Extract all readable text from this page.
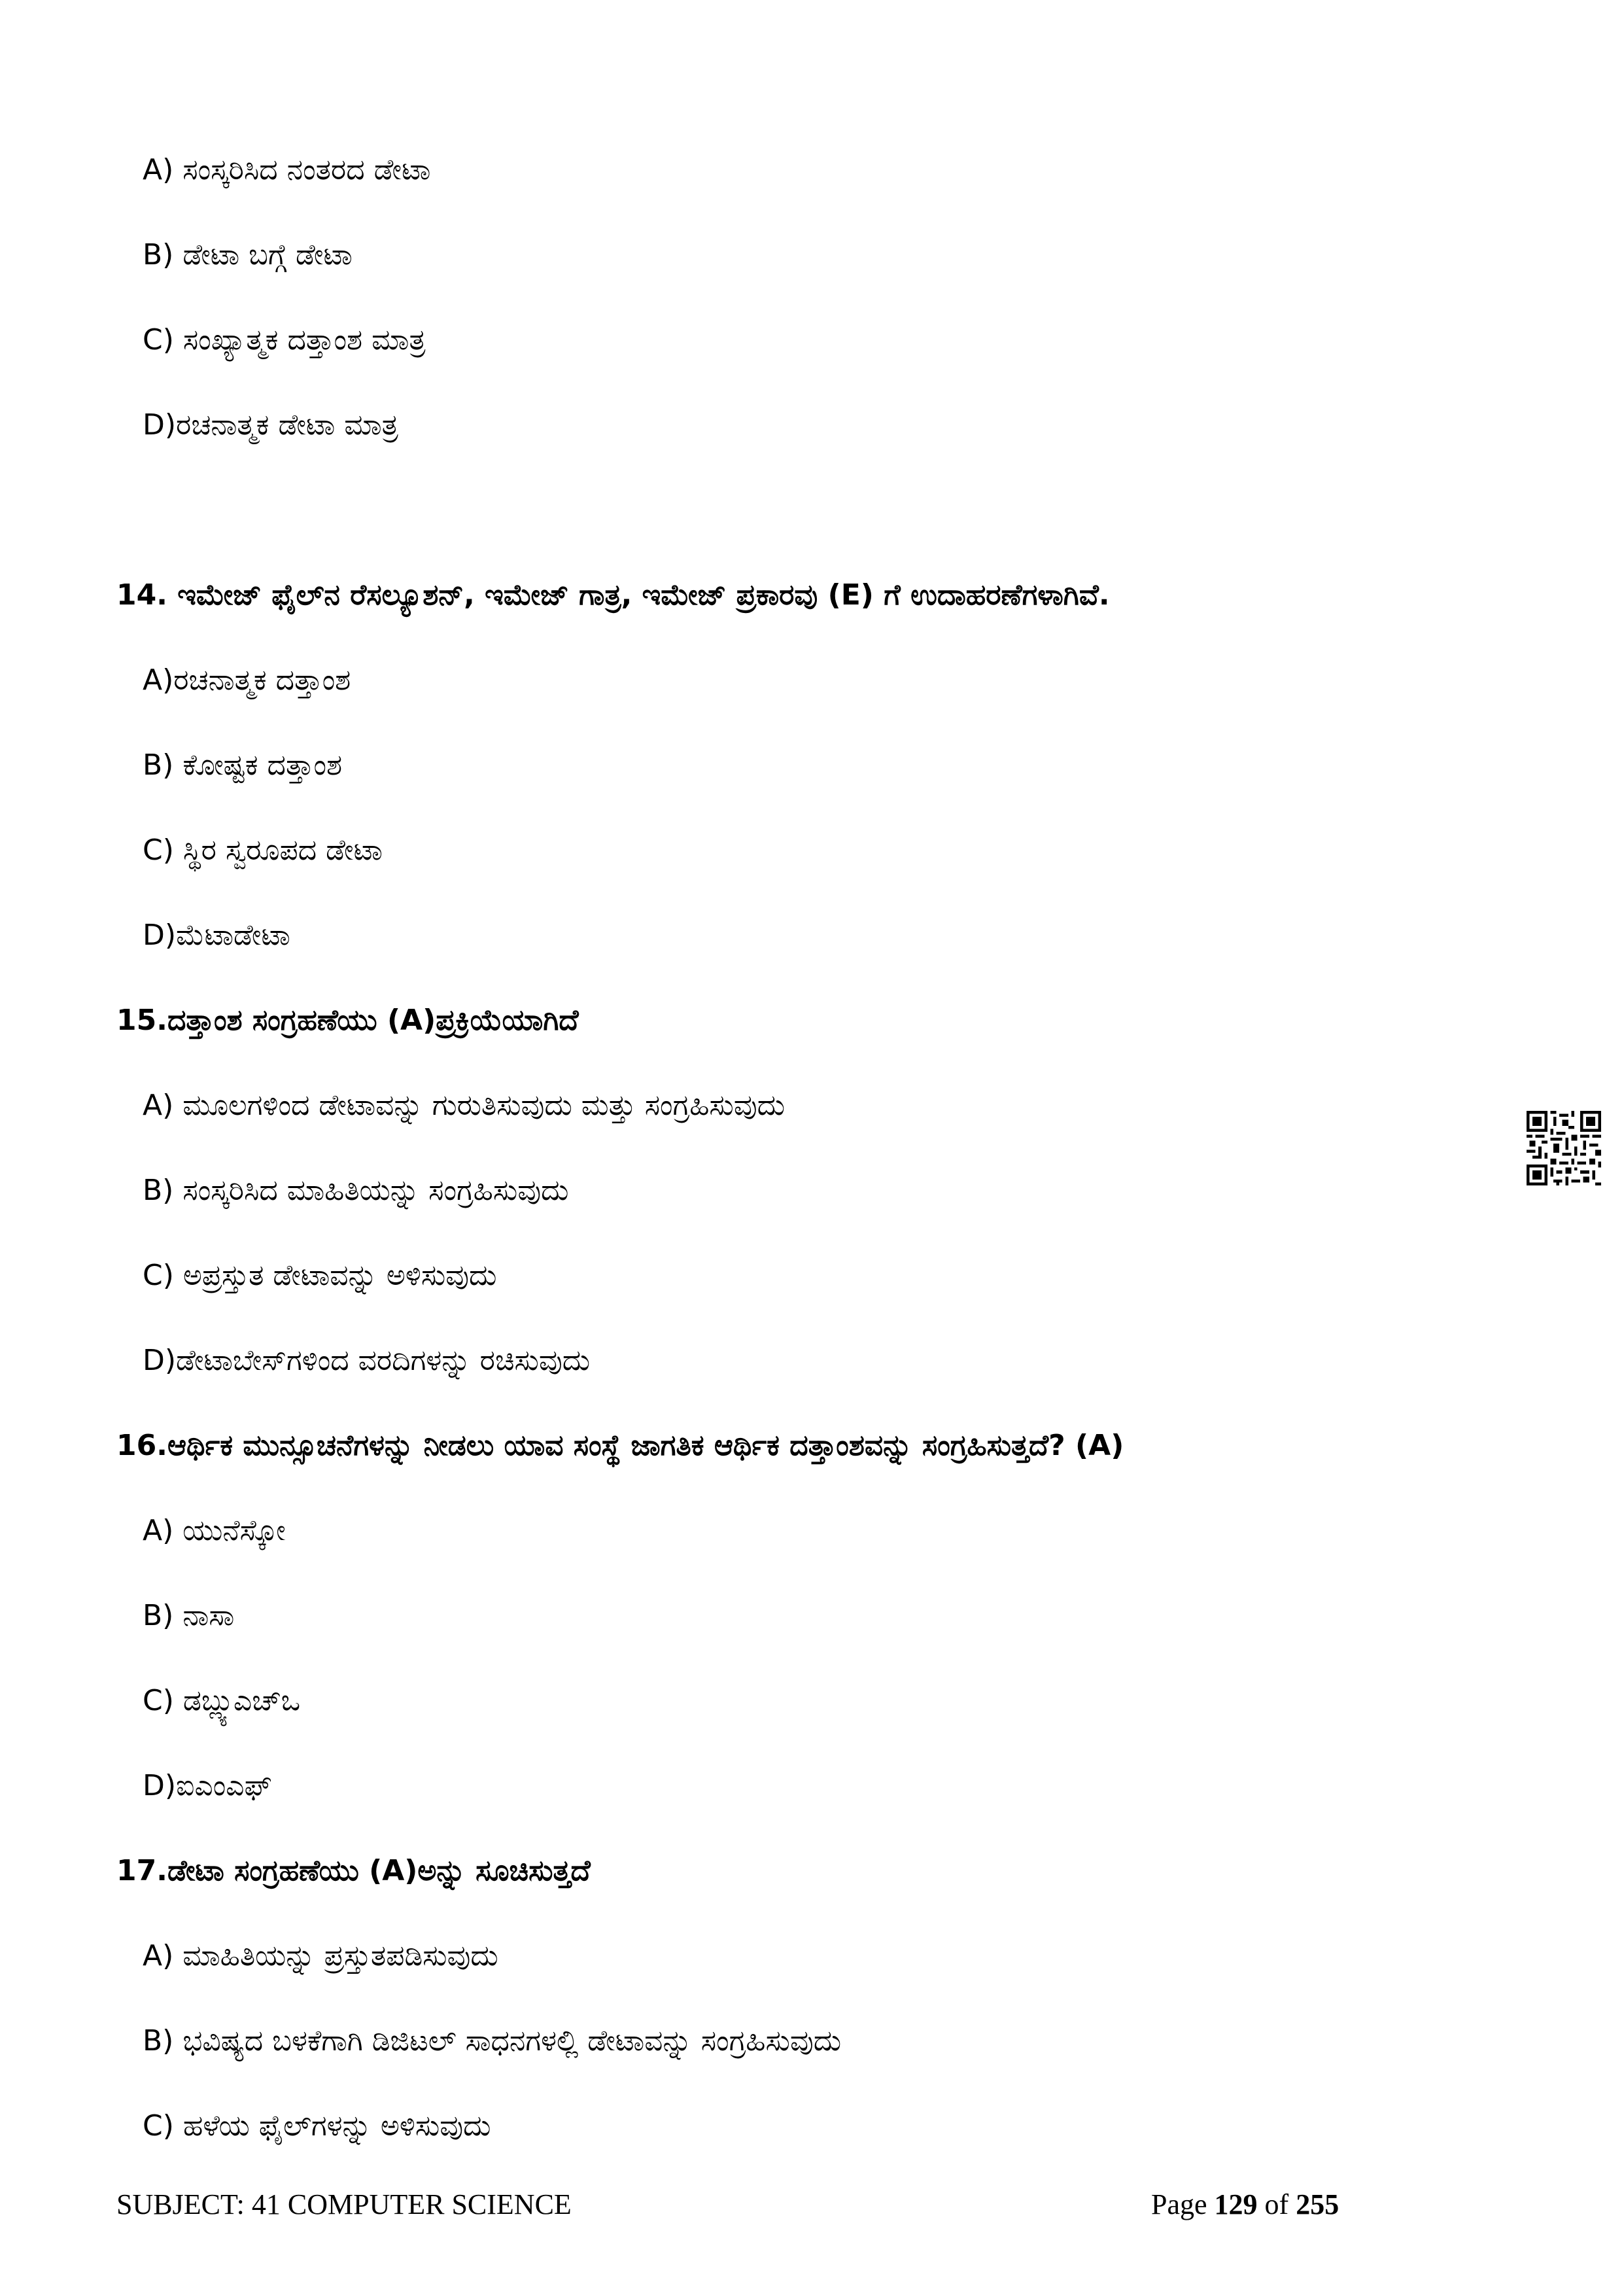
A) ಸಂಸ್ಕರಿಸಿದ ನಂತರದ ಡೇಟಾ
B) ಡೇಟಾ ಬಗ್ಗೆ ಡೇಟಾ
C) ಸಂಖ್ಯಾತ್ಮಕ ದತ್ತಾಂಶ ಮಾತ್ರ
D)ರಚನಾತ್ಮಕ ಡೇಟಾ ಮಾತ್ರ
14. ಇಮೇಜ್ ಫೈಲ್‌ನ ರೆಸಲ್ಯೂಶನ್, ಇಮೇಜ್ ಗಾತ್ರ, ಇಮೇಜ್ ಪ್ರಕಾರವು (E) ಗೆ ಉದಾಹರಣೆಗಳಾಗಿವೆ.
A)ರಚನಾತ್ಮಕ ದತ್ತಾಂಶ
B) ಕೋಷ್ಟಕ ದತ್ತಾಂಶ
C) ಸ್ಥಿರ ಸ್ವರೂಪದ ಡೇಟಾ
D)ಮೆಟಾಡೇಟಾ
15.ದತ್ತಾಂಶ ಸಂಗ್ರಹಣೆಯು (A)ಪ್ರಕ್ರಿಯೆಯಾಗಿದೆ
A) ಮೂಲಗಳಿಂದ ಡೇಟಾವನ್ನು ಗುರುತಿಸುವುದು ಮತ್ತು ಸಂಗ್ರಹಿಸುವುದು
B) ಸಂಸ್ಕರಿಸಿದ ಮಾಹಿತಿಯನ್ನು ಸಂಗ್ರಹಿಸುವುದು
C) ಅಪ್ರಸ್ತುತ ಡೇಟಾವನ್ನು ಅಳಿಸುವುದು
D)ಡೇಟಾಬೇಸ್‌ಗಳಿಂದ ವರದಿಗಳನ್ನು ರಚಿಸುವುದು
16.ಆರ್ಥಿಕ ಮುನ್ಸೂಚನೆಗಳನ್ನು ನೀಡಲು ಯಾವ ಸಂಸ್ಥೆ ಜಾಗತಿಕ ಆರ್ಥಿಕ ದತ್ತಾಂಶವನ್ನು ಸಂಗ್ರಹಿಸುತ್ತದೆ? (A)
A) ಯುನೆಸ್ಕೋ
B) ನಾಸಾ
C) ಡಬ್ಲ್ಯುಎಚ್‌ಒ
D)ಐಎಂಎಫ್
17.ಡೇಟಾ ಸಂಗ್ರಹಣೆಯು (A)ಅನ್ನು ಸೂಚಿಸುತ್ತದೆ
A) ಮಾಹಿತಿಯನ್ನು ಪ್ರಸ್ತುತಪಡಿಸುವುದು
B) ಭವಿಷ್ಯದ ಬಳಕೆಗಾಗಿ ಡಿಜಿಟಲ್ ಸಾಧನಗಳಲ್ಲಿ ಡೇಟಾವನ್ನು ಸಂಗ್ರಹಿಸುವುದು
C) ಹಳೆಯ ಫೈಲ್‌ಗಳನ್ನು ಅಳಿಸುವುದು
SUBJECT: 41 COMPUTER SCIENCE	Page 129 of 255
